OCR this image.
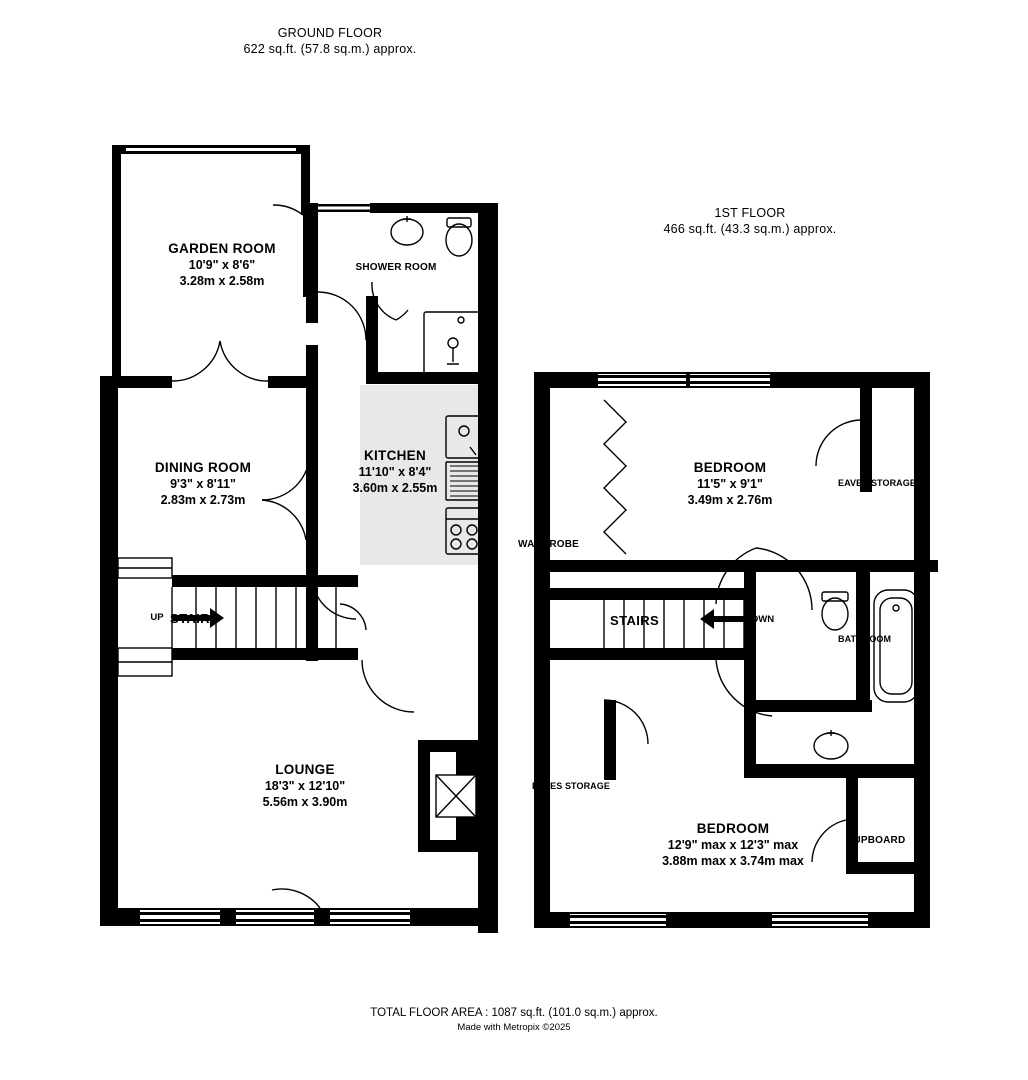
GROUND FLOOR
622 sq.ft. (57.8 sq.m.) approx.
1ST FLOOR
466 sq.ft. (43.3 sq.m.) approx.
GARDEN ROOM
10'9" x 8'6"
3.28m x 2.58m
SHOWER ROOM
DINING ROOM
9'3" x 8'11"
2.83m x 2.73m
KITCHEN
11'10" x 8'4"
3.60m x 2.55m
STAIRS
UP
LOUNGE
18'3" x 12'10"
5.56m x 3.90m
BEDROOM
11'5" x 9'1"
3.49m x 2.76m
EAVES STORAGE
WARDROBE
STAIRS	DOWN
BATHROOM
EAVES STORAGE
BEDROOM
12'9" max x 12'3" max
3.88m max x 3.74m max
CUPBOARD
TOTAL FLOOR AREA : 1087 sq.ft. (101.0 sq.m.) approx.
Made with Metropix ©2025
